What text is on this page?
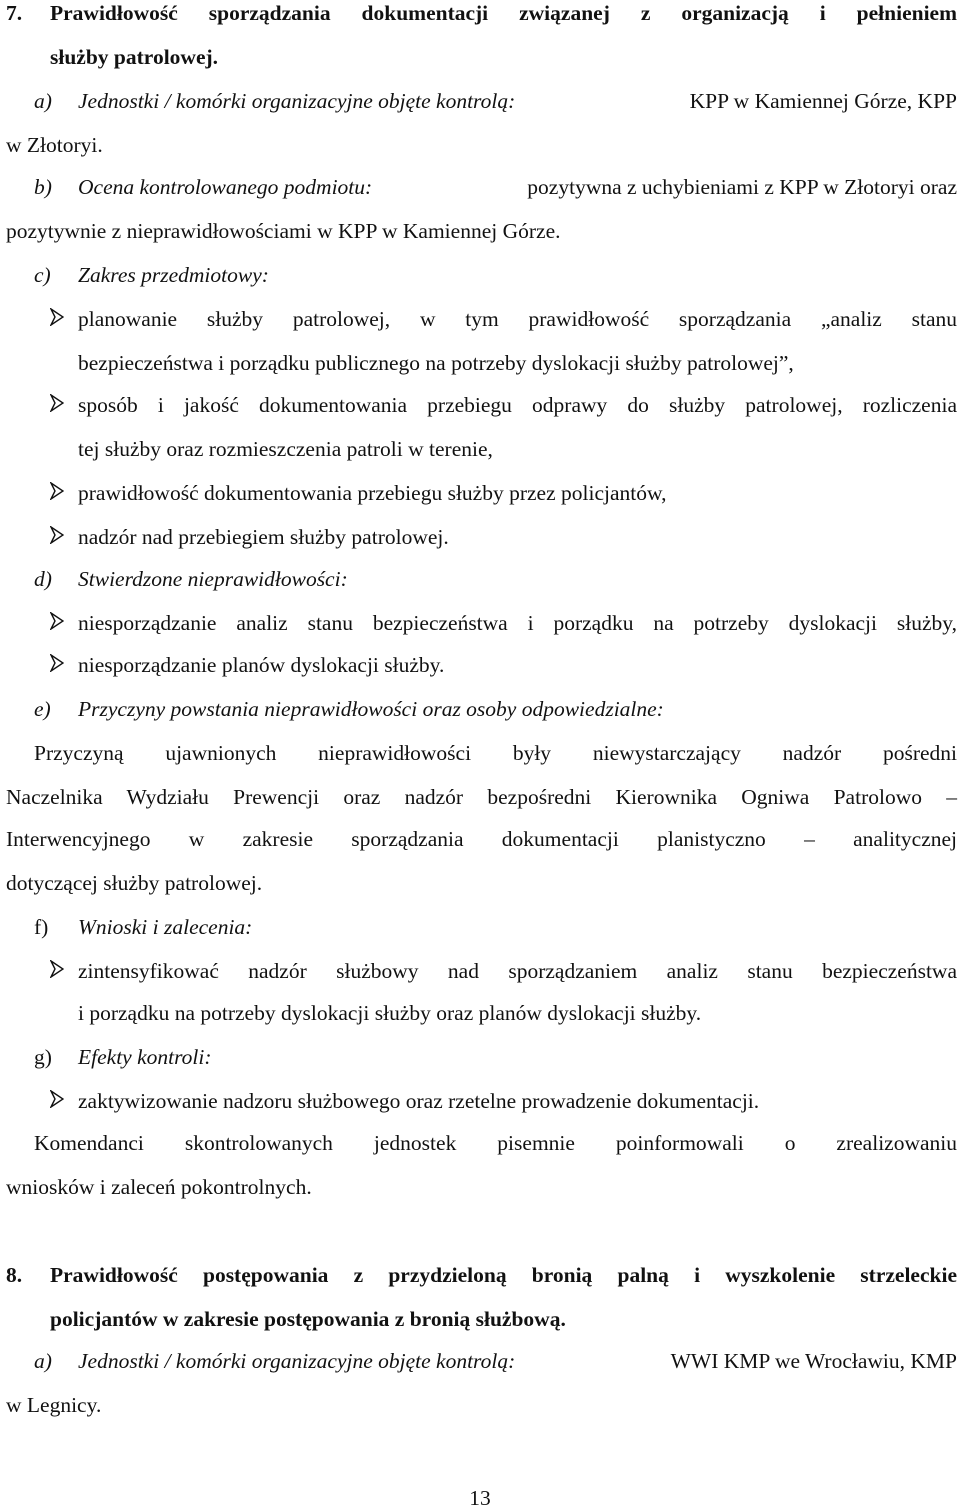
7. Prawidłowość sporządzania dokumentacji związanej z organizacją i pełnieniem
służby patrolowej.
a) Jednostki / komórki organizacyjne objęte kontrolą:	KPP w Kamiennej Górze, KPP
w Złotoryi.
b) Ocena kontrolowanego podmiotu:	pozytywna z uchybieniami z KPP w Złotoryi oraz
pozytywnie z nieprawidłowościami w KPP w Kamiennej Górze.
c) Zakres przedmiotowy:
planowanie służby patrolowej, w tym prawidłowość sporządzania „analiz stanu
bezpieczeństwa i porządku publicznego na potrzeby dyslokacji służby patrolowej”,
sposób i jakość dokumentowania przebiegu odprawy do służby patrolowej, rozliczenia
tej służby oraz rozmieszczenia patroli w terenie,
prawidłowość dokumentowania przebiegu służby przez policjantów,
nadzór nad przebiegiem służby patrolowej.
d) Stwierdzone nieprawidłowości:
niesporządzanie analiz stanu bezpieczeństwa i porządku na potrzeby dyslokacji służby,
niesporządzanie planów dyslokacji służby.
e) Przyczyny powstania nieprawidłowości oraz osoby odpowiedzialne:
Przyczyną ujawnionych nieprawidłowości były niewystarczający nadzór pośredni
Naczelnika Wydziału Prewencji oraz nadzór bezpośredni Kierownika Ogniwa Patrolowo –
Interwencyjnego w zakresie sporządzania dokumentacji planistyczno – analitycznej
dotyczącej służby patrolowej.
f) Wnioski i zalecenia:
zintensyfikować nadzór służbowy nad sporządzaniem analiz stanu bezpieczeństwa
i porządku na potrzeby dyslokacji służby oraz planów dyslokacji służby.
g) Efekty kontroli:
zaktywizowanie nadzoru służbowego oraz rzetelne prowadzenie dokumentacji.
Komendanci skontrolowanych jednostek pisemnie poinformowali o zrealizowaniu
wniosków i zaleceń pokontrolnych.
8. Prawidłowość postępowania z przydzieloną bronią palną i wyszkolenie strzeleckie
policjantów w zakresie postępowania z bronią służbową.
a) Jednostki / komórki organizacyjne objęte kontrolą:	WWI KMP we Wrocławiu, KMP
w Legnicy.
13
